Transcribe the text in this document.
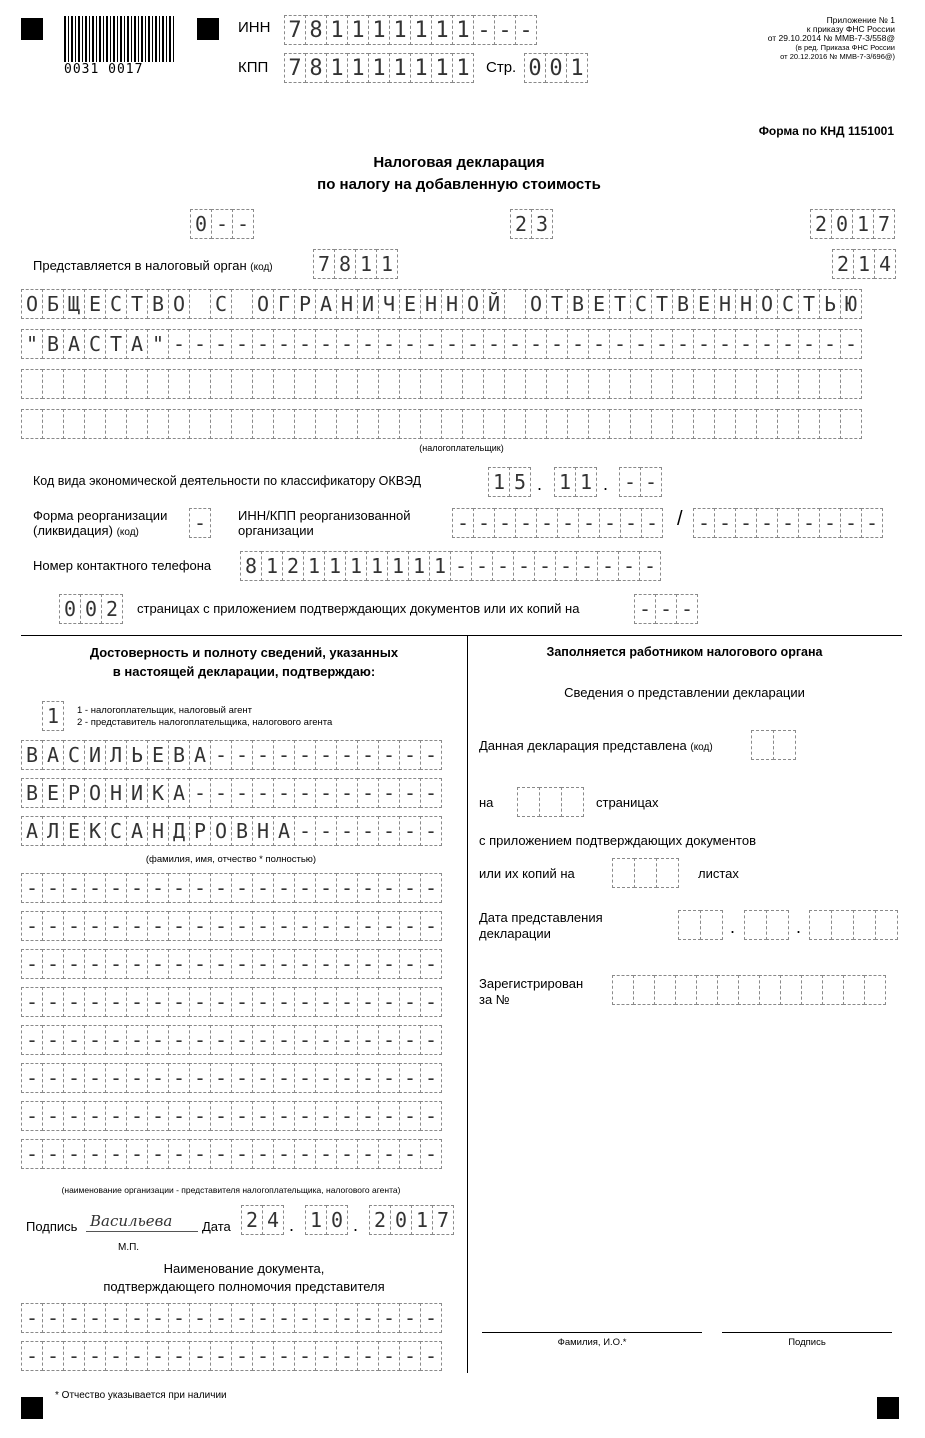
0031 0017
ИНН 7 8 1 1 1 1 1 1 1 - - -
КПП 7 8 1 1 1 1 1 1 1 Стр. 0 0 1
Приложение № 1
к приказу ФНС России
от 29.10.2014 № ММВ-7-3/558@
(в ред. Приказа ФНС России
от 20.12.2016 № ММВ-7-3/696@)
Форма по КНД 1151001
Налоговая декларация
по налогу на добавленную стоимость
0 - -	2 3	2 0 1 7
Представляется в налоговый орган (код) 7 8 1 1	2 1 4
О Б Щ Е С Т В О С О Г Р А Н И Ч Е Н Н О Й О Т В Е Т С Т В Е Н Н О С Т Ь Ю
" В А С Т А " - - - - - - - - - - - - - - - - - - - - - - - - - - - - - - - - -
(налогоплательщик)
Код вида экономической деятельности по классификатору ОКВЭД	1 5 . 1 1 . - -
Форма реорганизации
(ликвидация) (код)	-	ИНН/КПП реорганизованной
организации	- - - - - - - - - - / - - - - - - - - -
Номер контактного телефона 8 1 2 1 1 1 1 1 1 1 - - - - - - - - - -
0 0 2	страницах с приложением подтверждающих документов или их копий на	- - -
Достоверность и полноту сведений, указанных
в настоящей декларации, подтверждаю:
1	1 - налогоплательщик, налоговый агент
2 - представитель налогоплательщика, налогового агента
В А С И Л Ь Е В А - - - - - - - - - - -
В Е Р О Н И К А - - - - - - - - - - - -
А Л Е К С А Н Д Р О В Н А - - - - - - -
(фамилия, имя, отчество * полностью)
- - - - - - - - - - - - - - - - - - - -
- - - - - - - - - - - - - - - - - - - -
- - - - - - - - - - - - - - - - - - - -
- - - - - - - - - - - - - - - - - - - -
- - - - - - - - - - - - - - - - - - - -
- - - - - - - - - - - - - - - - - - - -
- - - - - - - - - - - - - - - - - - - -
- - - - - - - - - - - - - - - - - - - -
(наименование организации - представителя налогоплательщика, налогового агента)
Подпись Васильева Дата 2 4 . 1 0 . 2 0 1 7
М.П.
Наименование документа,
подтверждающего полномочия представителя
- - - - - - - - - - - - - - - - - - - -
- - - - - - - - - - - - - - - - - - - -
Заполняется работником налогового органа
Сведения о представлении декларации
Данная декларация представлена (код)
на	страницах
с приложением подтверждающих документов
или их копий на	листах
Дата представления
декларации	.	.
Зарегистрирован
за №
Фамилия, И.О.*	Подпись
* Отчество указывается при наличии
